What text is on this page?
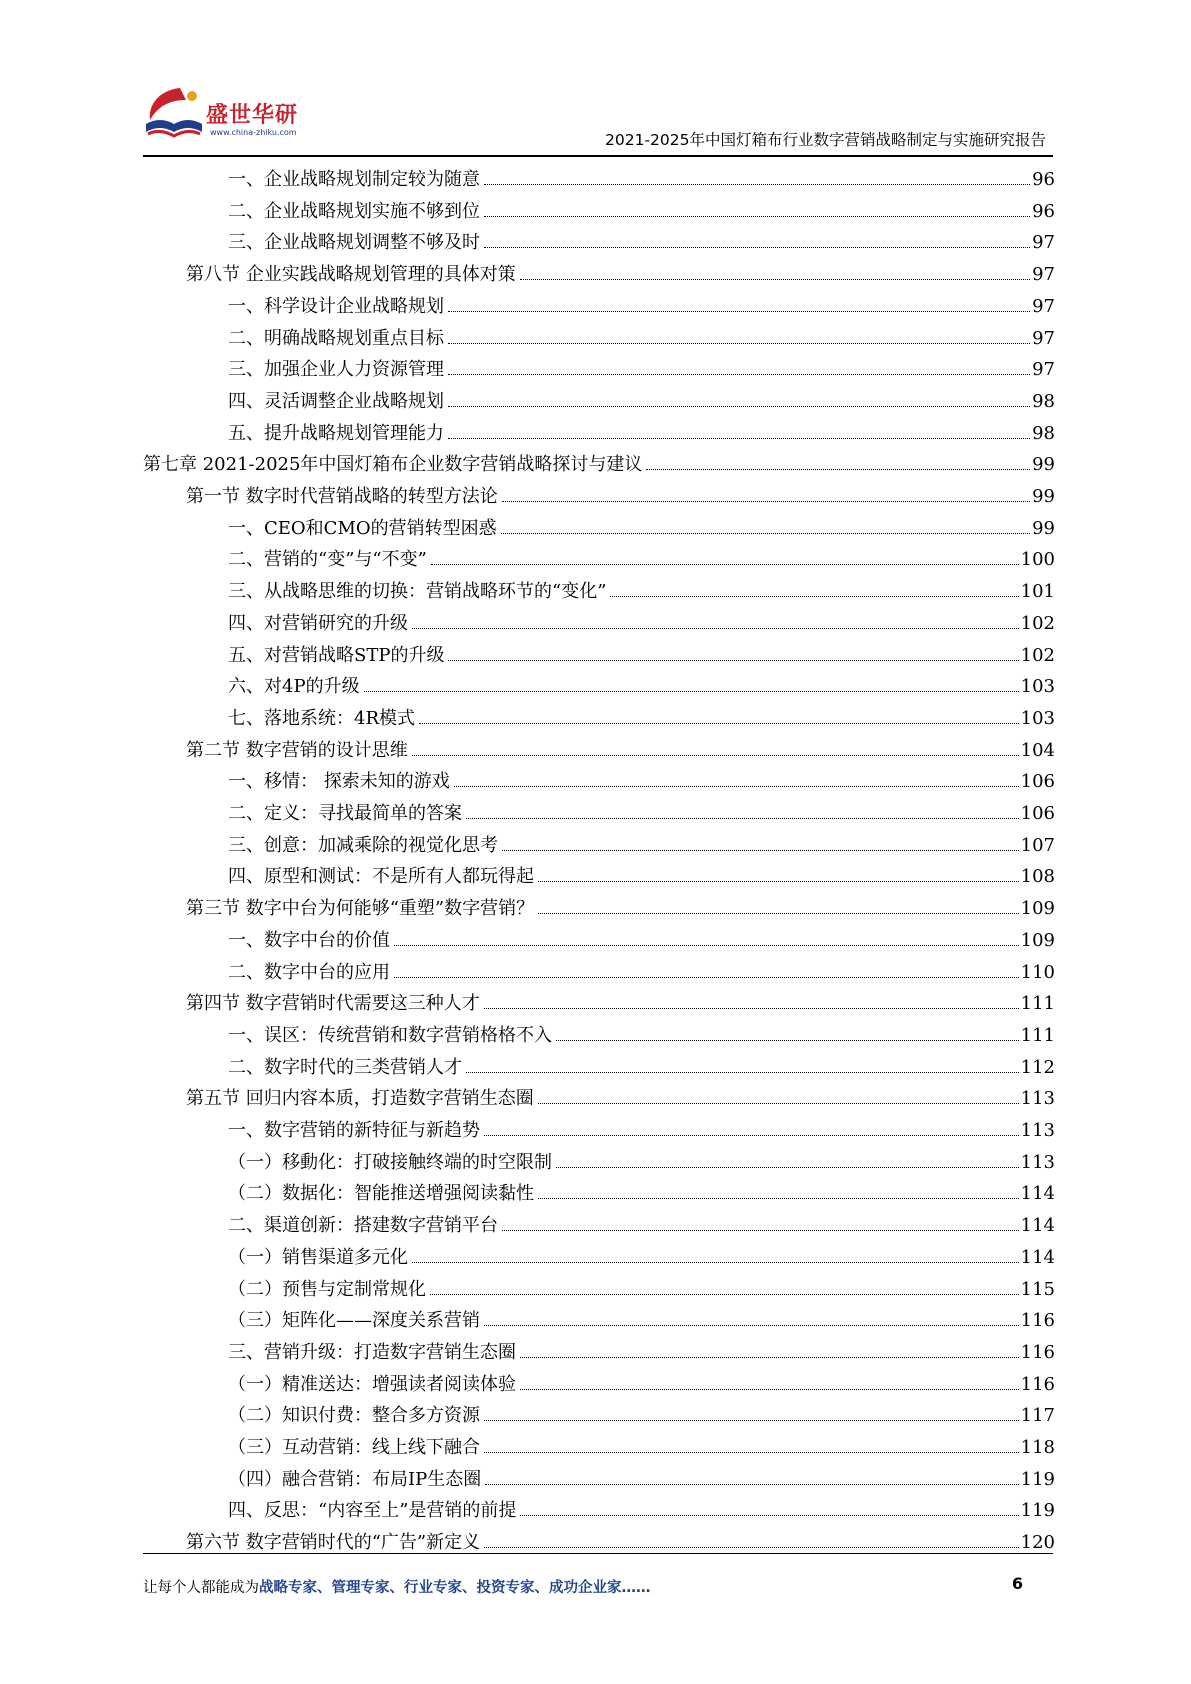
盛世华研
www.china-zhiku.com	2021-2025年中国灯箱布行业数字营销战略制定与实施研究报告
一、企业战略规划制定较为随意	96
二、企业战略规划实施不够到位	96
三、企业战略规划调整不够及时	97
第八节 企业实践战略规划管理的具体对策	97
一、科学设计企业战略规划	97
二、明确战略规划重点目标	97
三、加强企业人力资源管理	97
四、灵活调整企业战略规划	98
五、提升战略规划管理能力	98
第七章 2021-2025年中国灯箱布企业数字营销战略探讨与建议	99
第一节 数字时代营销战略的转型方法论	99
一、CEO和CMO的营销转型困惑	99
二、营销的“变”与“不变”	100
三、从战略思维的切换：营销战略环节的“变化”	101
四、对营销研究的升级	102
五、对营销战略STP的升级	102
六、对4P的升级	103
七、落地系统：4R模式	103
第二节 数字营销的设计思维	104
一、移情： 探索未知的游戏	106
二、定义：寻找最简单的答案	106
三、创意：加减乘除的视觉化思考	107
四、原型和测试：不是所有人都玩得起	108
第三节 数字中台为何能够“重塑”数字营销？	109
一、数字中台的价值	109
二、数字中台的应用	110
第四节 数字营销时代需要这三种人才	111
一、误区：传统营销和数字营销格格不入	111
二、数字时代的三类营销人才	112
第五节 回归内容本质，打造数字营销生态圈	113
一、数字营销的新特征与新趋势	113
（一）移動化：打破接触终端的时空限制	113
（二）数据化：智能推送增强阅读黏性	114
二、渠道创新：搭建数字营销平台	114
（一）销售渠道多元化	114
（二）预售与定制常规化	115
（三）矩阵化——深度关系营销	116
三、营销升级：打造数字营销生态圈	116
（一）精准送达：增强读者阅读体验	116
（二）知识付费：整合多方资源	117
（三）互动营销：线上线下融合	118
（四）融合营销：布局IP生态圈	119
四、反思：“内容至上”是营销的前提	119
第六节 数字营销时代的“广告”新定义	120
让每个人都能成为战略专家、管理专家、行业专家、投资专家、成功企业家……	6
